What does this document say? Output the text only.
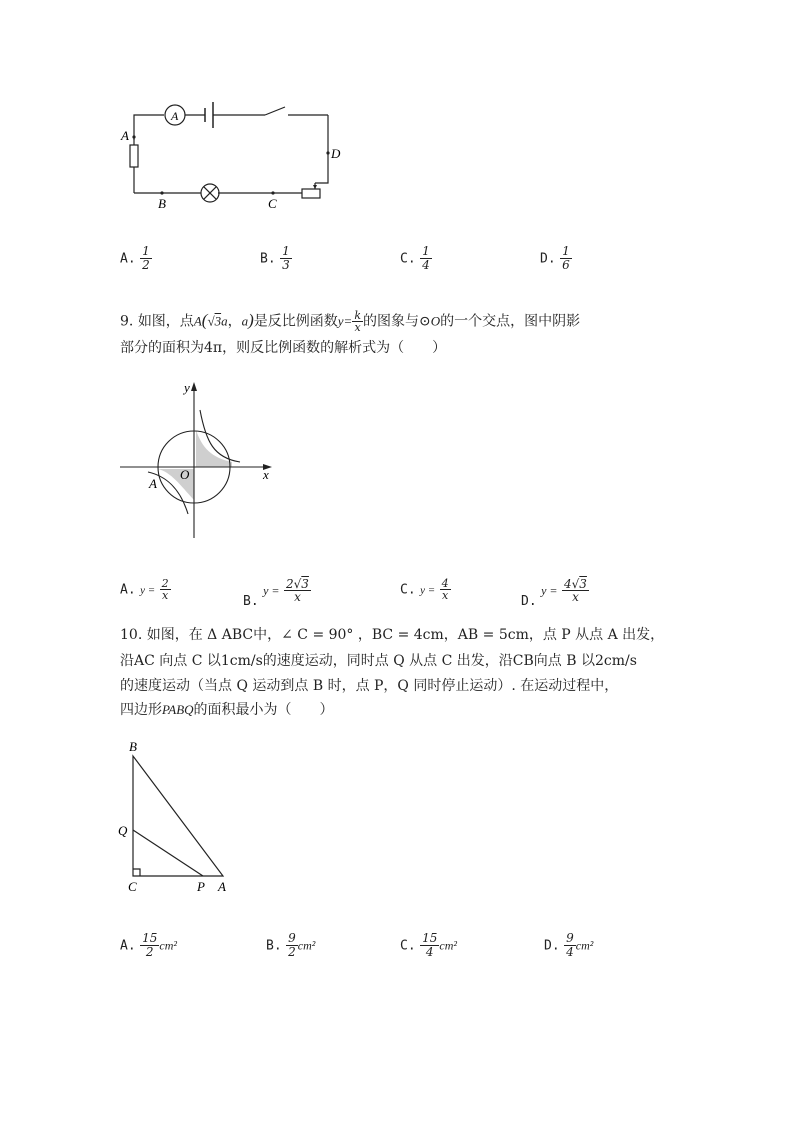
A
A
D
B	C
A. $\frac{1}{2}$	B. $\frac{1}{3}$	C. $\frac{1}{4}$	D. $\frac{1}{6}$
9. 如图，点A(√3a，a)是反比例函数$y= \frac{k}{x}$ 的图象与⊙O的一个交点，图中阴影
部分的面积为4π，则反比例函数的解析式为（　　）
y
x
O
A
A. $y = \frac{2}{x}$	B. $y = \frac{2√3}{x}$	C. $y = \frac{4}{x}$	D. $y = \frac{4√3}{x}$
10. 如图，在 Δ ABC中，∠ C = 90° ，BC = 4cm，AB = 5cm，点 P 从点 A 出发，
沿AC 向点 C 以1cm/s的速度运动，同时点 Q 从点 C 出发，沿CB向点 B 以2cm/s
的速度运动（当点 Q 运动到点 B 时，点 P，Q 同时停止运动）. 在运动过程中，
四边形PABQ的面积最小为（　　）
B
Q
C	P A
A. $\frac{15}{2} cm^2$	B. $\frac{9}{2} cm^2$	C. $\frac{15}{4} cm^2$	D. $\frac{9}{4} cm^2$
